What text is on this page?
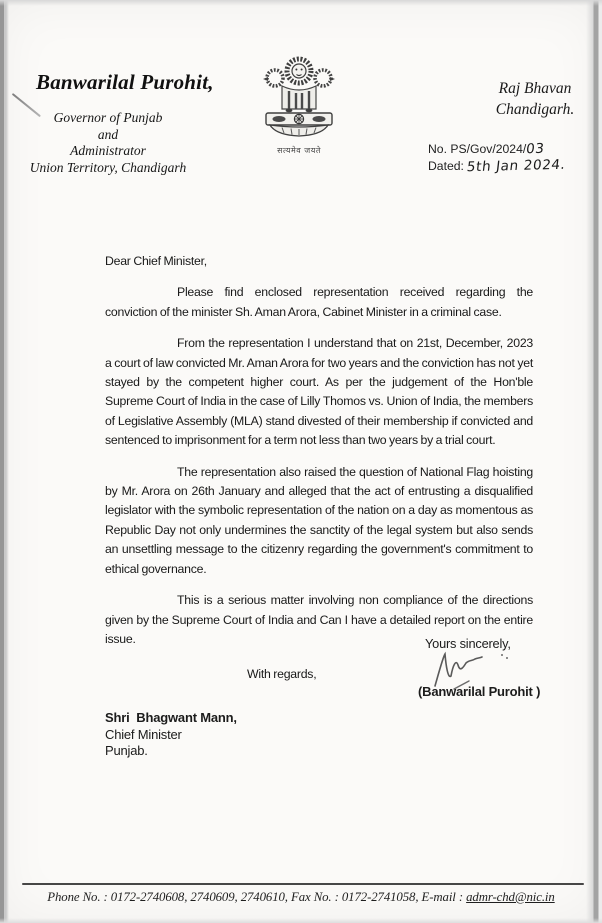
Banwarilal Purohit,
Governor of Punjab
and
Administrator
Union Territory, Chandigarh
सत्यमेव जयते
Raj Bhavan
Chandigarh.
No. PS/Gov/2024/03
Dated: 5th Jan 2024.
Dear Chief Minister,

Please find enclosed representation received regarding the conviction of the minister Sh. Aman Arora, Cabinet Minister in a criminal case.

From the representation I understand that on 21st, December, 2023 a court of law convicted Mr. Aman Arora for two years and the conviction has not yet stayed by the competent higher court. As per the judgement of the Hon'ble Supreme Court of India in the case of Lilly Thomos vs. Union of India, the members of Legislative Assembly (MLA) stand divested of their membership if convicted and sentenced to imprisonment for a term not less than two years by a trial court.

The representation also raised the question of National Flag hoisting by Mr. Arora on 26th January and alleged that the act of entrusting a disqualified legislator with the symbolic representation of the nation on a day as momentous as Republic Day not only undermines the sanctity of the legal system but also sends an unsettling message to the citizenry regarding the government's commitment to ethical governance.

This is a serious matter involving non compliance of the directions given by the Supreme Court of India and Can I have a detailed report on the entire issue.

With regards,
Yours sincerely,
(Banwarilal Purohit )
Shri  Bhagwant Mann,
Chief Minister
Punjab.
Phone No. : 0172-2740608, 2740609, 2740610, Fax No. : 0172-2741058, E-mail : admr-chd@nic.in
